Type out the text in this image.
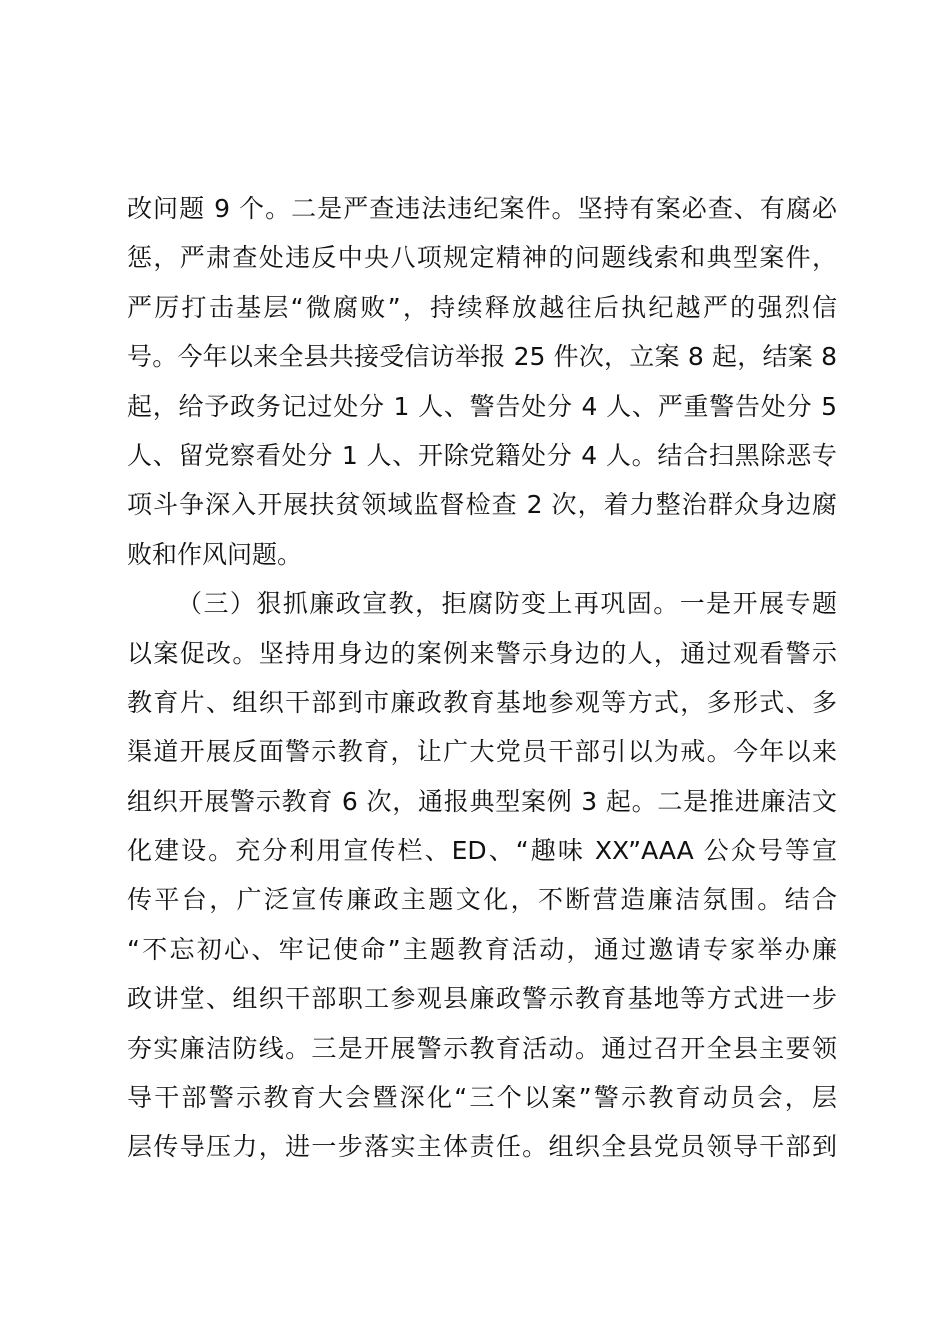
改问题 9 个。二是严查违法违纪案件。坚持有案必查、有腐必
惩，严肃查处违反中央八项规定精神的问题线索和典型案件，
严厉打击基层“微腐败”，持续释放越往后执纪越严的强烈信
号。今年以来全县共接受信访举报 25 件次，立案 8 起，结案 8
起，给予政务记过处分 1 人、警告处分 4 人、严重警告处分 5
人、留党察看处分 1 人、开除党籍处分 4 人。结合扫黑除恶专
项斗争深入开展扶贫领域监督检查 2 次，着力整治群众身边腐
败和作风问题。
（三）狠抓廉政宣教，拒腐防变上再巩固。一是开展专题
以案促改。坚持用身边的案例来警示身边的人，通过观看警示
教育片、组织干部到市廉政教育基地参观等方式，多形式、多
渠道开展反面警示教育，让广大党员干部引以为戒。今年以来
组织开展警示教育 6 次，通报典型案例 3 起。二是推进廉洁文
化建设。充分利用宣传栏、ED、“趣味 XX”AAA 公众号等宣
传平台，广泛宣传廉政主题文化，不断营造廉洁氛围。结合
“不忘初心、牢记使命”主题教育活动，通过邀请专家举办廉
政讲堂、组织干部职工参观县廉政警示教育基地等方式进一步
夯实廉洁防线。三是开展警示教育活动。通过召开全县主要领
导干部警示教育大会暨深化“三个以案”警示教育动员会，层
层传导压力，进一步落实主体责任。组织全县党员领导干部到
